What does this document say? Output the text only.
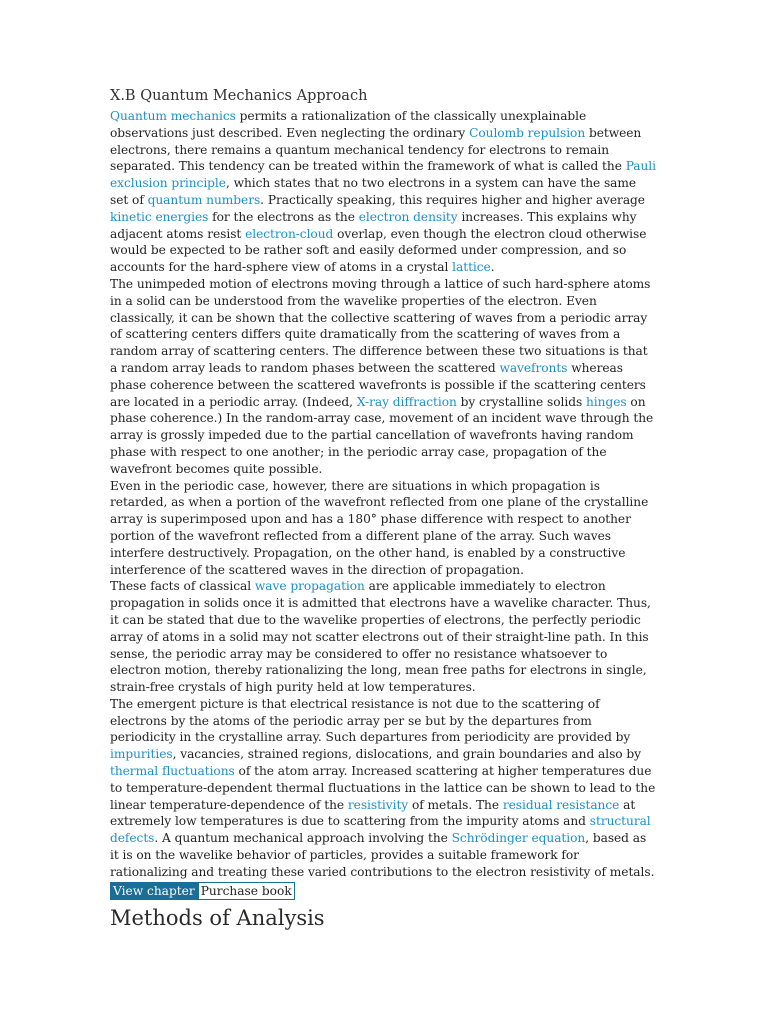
X.B Quantum Mechanics Approach

Quantum mechanics permits a rationalization of the classically unexplainable observations just described. Even neglecting the ordinary Coulomb repulsion between electrons, there remains a quantum mechanical tendency for electrons to remain separated. This tendency can be treated within the framework of what is called the Pauli exclusion principle, which states that no two electrons in a system can have the same set of quantum numbers. Practically speaking, this requires higher and higher average kinetic energies for the electrons as the electron density increases. This explains why adjacent atoms resist electron-cloud overlap, even though the electron cloud otherwise would be expected to be rather soft and easily deformed under compression, and so accounts for the hard-sphere view of atoms in a crystal lattice.

The unimpeded motion of electrons moving through a lattice of such hard-sphere atoms in a solid can be understood from the wavelike properties of the electron. Even classically, it can be shown that the collective scattering of waves from a periodic array of scattering centers differs quite dramatically from the scattering of waves from a random array of scattering centers. The difference between these two situations is that a random array leads to random phases between the scattered wavefronts whereas phase coherence between the scattered wavefronts is possible if the scattering centers are located in a periodic array. (Indeed, X-ray diffraction by crystalline solids hinges on phase coherence.) In the random-array case, movement of an incident wave through the array is grossly impeded due to the partial cancellation of wavefronts having random phase with respect to one another; in the periodic array case, propagation of the wavefront becomes quite possible.

Even in the periodic case, however, there are situations in which propagation is retarded, as when a portion of the wavefront reflected from one plane of the crystalline array is superimposed upon and has a 180° phase difference with respect to another portion of the wavefront reflected from a different plane of the array. Such waves interfere destructively. Propagation, on the other hand, is enabled by a constructive interference of the scattered waves in the direction of propagation.

These facts of classical wave propagation are applicable immediately to electron propagation in solids once it is admitted that electrons have a wavelike character. Thus, it can be stated that due to the wavelike properties of electrons, the perfectly periodic array of atoms in a solid may not scatter electrons out of their straight-line path. In this sense, the periodic array may be considered to offer no resistance whatsoever to electron motion, thereby rationalizing the long, mean free paths for electrons in single, strain-free crystals of high purity held at low temperatures.

The emergent picture is that electrical resistance is not due to the scattering of electrons by the atoms of the periodic array per se but by the departures from periodicity in the crystalline array. Such departures from periodicity are provided by impurities, vacancies, strained regions, dislocations, and grain boundaries and also by thermal fluctuations of the atom array. Increased scattering at higher temperatures due to temperature-dependent thermal fluctuations in the lattice can be shown to lead to the linear temperature-dependence of the resistivity of metals. The residual resistance at extremely low temperatures is due to scattering from the impurity atoms and structural defects. A quantum mechanical approach involving the Schrödinger equation, based as it is on the wavelike behavior of particles, provides a suitable framework for rationalizing and treating these varied contributions to the electron resistivity of metals.

View chapter Purchase book
Methods of Analysis
